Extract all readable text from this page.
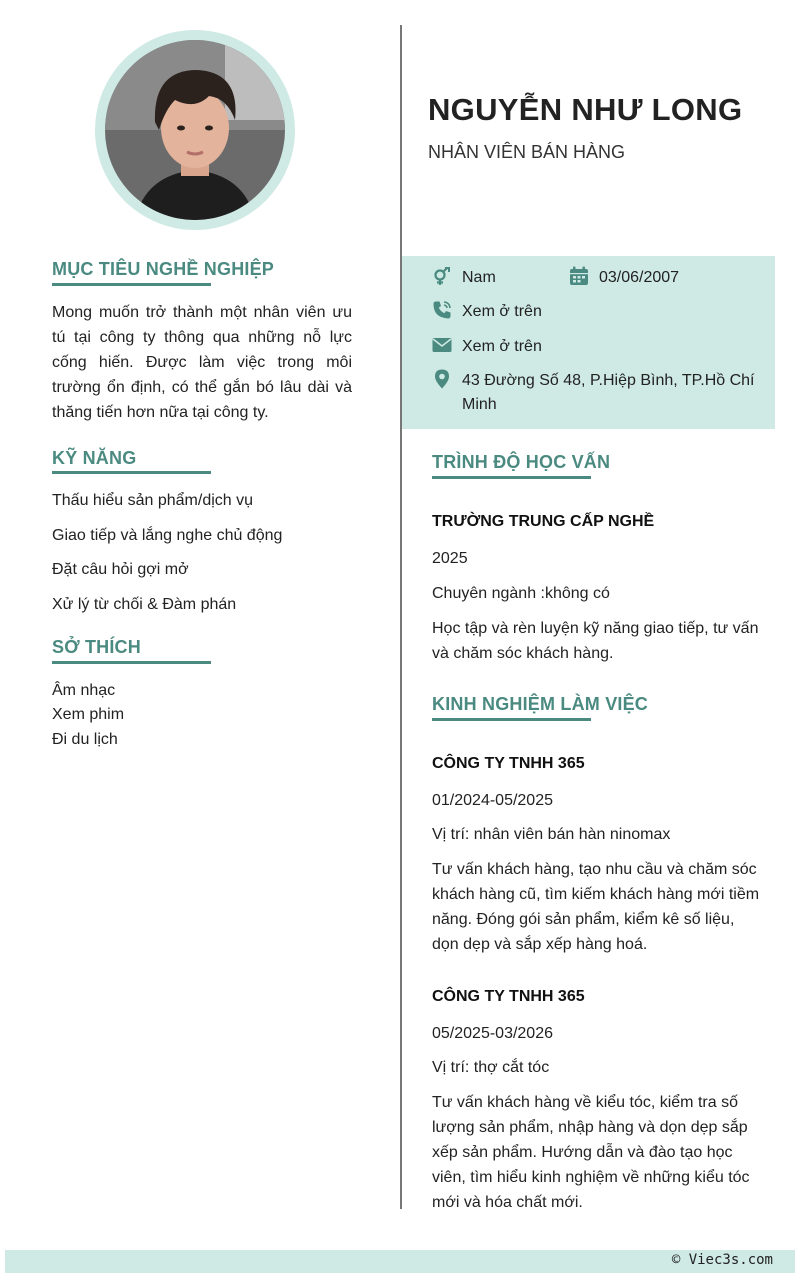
MỤC TIÊU NGHỀ NGHIỆP
Mong muốn trở thành một nhân viên ưu tú tại công ty thông qua những nỗ lực cống hiến. Được làm việc trong môi trường ổn định, có thể gắn bó lâu dài và thăng tiến hơn nữa tại công ty.
KỸ NĂNG
Thấu hiểu sản phẩm/dịch vụ
Giao tiếp và lắng nghe chủ động
Đặt câu hỏi gợi mở
Xử lý từ chối & Đàm phán
SỞ THÍCH
Âm nhạc
Xem phim
Đi du lịch
NGUYỄN NHƯ LONG
NHÂN VIÊN BÁN HÀNG
Nam	03/06/2007
Xem ở trên
Xem ở trên
43 Đường Số 48, P.Hiệp Bình, TP.Hồ Chí Minh
TRÌNH ĐỘ HỌC VẤN
TRƯỜNG TRUNG CẤP NGHỀ
2025
Chuyên ngành :không có
Học tập và rèn luyện kỹ năng giao tiếp, tư vấn và chăm sóc khách hàng.
KINH NGHIỆM LÀM VIỆC
CÔNG TY TNHH 365
01/2024-05/2025
Vị trí: nhân viên bán hàn ninomax
Tư vấn khách hàng, tạo nhu cầu và chăm sóc khách hàng cũ, tìm kiếm khách hàng mới tiềm năng. Đóng gói sản phẩm, kiểm kê số liệu, dọn dẹp và sắp xếp hàng hoá.
CÔNG TY TNHH 365
05/2025-03/2026
Vị trí: thợ cắt tóc
Tư vấn khách hàng về kiểu tóc, kiểm tra số lượng sản phẩm, nhập hàng và dọn dẹp sắp xếp sản phẩm. Hướng dẫn và đào tạo học viên, tìm hiểu kinh nghiệm về những kiểu tóc mới và hóa chất mới.
© Viec3s.com
